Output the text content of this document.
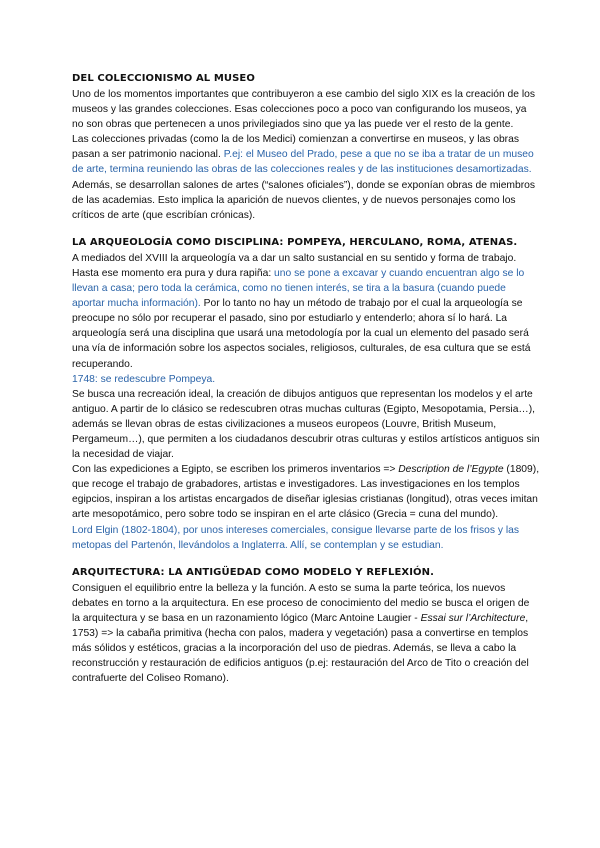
DEL COLECCIONISMO AL MUSEO

Uno de los momentos importantes que contribuyeron a ese cambio del siglo XIX es la creación de los museos y las grandes colecciones. Esas colecciones poco a poco van configurando los museos, ya no son obras que pertenecen a unos privilegiados sino que ya las puede ver el resto de la gente.

Las colecciones privadas (como la de los Medici) comienzan a convertirse en museos, y las obras pasan a ser patrimonio nacional. P.ej: el Museo del Prado, pese a que no se iba a tratar de un museo de arte, termina reuniendo las obras de las colecciones reales y de las instituciones desamortizadas. Además, se desarrollan salones de artes (“salones oficiales”), donde se exponían obras de miembros de las academias. Esto implica la aparición de nuevos clientes, y de nuevos personajes como los críticos de arte (que escribían crónicas).

LA ARQUEOLOGÍA COMO DISCIPLINA: POMPEYA, HERCULANO, ROMA, ATENAS.

A mediados del XVIII la arqueología va a dar un salto sustancial en su sentido y forma de trabajo. Hasta ese momento era pura y dura rapiña: uno se pone a excavar y cuando encuentran algo se lo llevan a casa; pero toda la cerámica, como no tienen interés, se tira a la basura (cuando puede aportar mucha información). Por lo tanto no hay un método de trabajo por el cual la arqueología se preocupe no sólo por recuperar el pasado, sino por estudiarlo y entenderlo; ahora sí lo hará. La arqueología será una disciplina que usará una metodología por la cual un elemento del pasado será una vía de información sobre los aspectos sociales, religiosos, culturales, de esa cultura que se está recuperando.

1748: se redescubre Pompeya.

Se busca una recreación ideal, la creación de dibujos antiguos que representan los modelos y el arte antiguo. A partir de lo clásico se redescubren otras muchas culturas (Egipto, Mesopotamia, Persia…), además se llevan obras de estas civilizaciones a museos europeos (Louvre, British Museum, Pergameum…), que permiten a los ciudadanos descubrir otras culturas y estilos artísticos antiguos sin la necesidad de viajar.

Con las expediciones a Egipto, se escriben los primeros inventarios => Description de l’Egypte (1809), que recoge el trabajo de grabadores, artistas e investigadores. Las investigaciones en los templos egipcios, inspiran a los artistas encargados de diseñar iglesias cristianas (longitud), otras veces imitan arte mesopotámico, pero sobre todo se inspiran en el arte clásico (Grecia = cuna del mundo).

Lord Elgin (1802-1804), por unos intereses comerciales, consigue llevarse parte de los frisos y las metopas del Partenón, llevándolos a Inglaterra. Allí, se contemplan y se estudian.

ARQUITECTURA: LA ANTIGÜEDAD COMO MODELO Y REFLEXIÓN.

Consiguen el equilibrio entre la belleza y la función. A esto se suma la parte teórica, los nuevos debates en torno a la arquitectura. En ese proceso de conocimiento del medio se busca el origen de la arquitectura y se basa en un razonamiento lógico (Marc Antoine Laugier - Essai sur l’Architecture, 1753) => la cabaña primitiva (hecha con palos, madera y vegetación) pasa a convertirse en templos más sólidos y estéticos, gracias a la incorporación del uso de piedras. Además, se lleva a cabo la reconstrucción y restauración de edificios antiguos (p.ej: restauración del Arco de Tito o creación del contrafuerte del Coliseo Romano).
